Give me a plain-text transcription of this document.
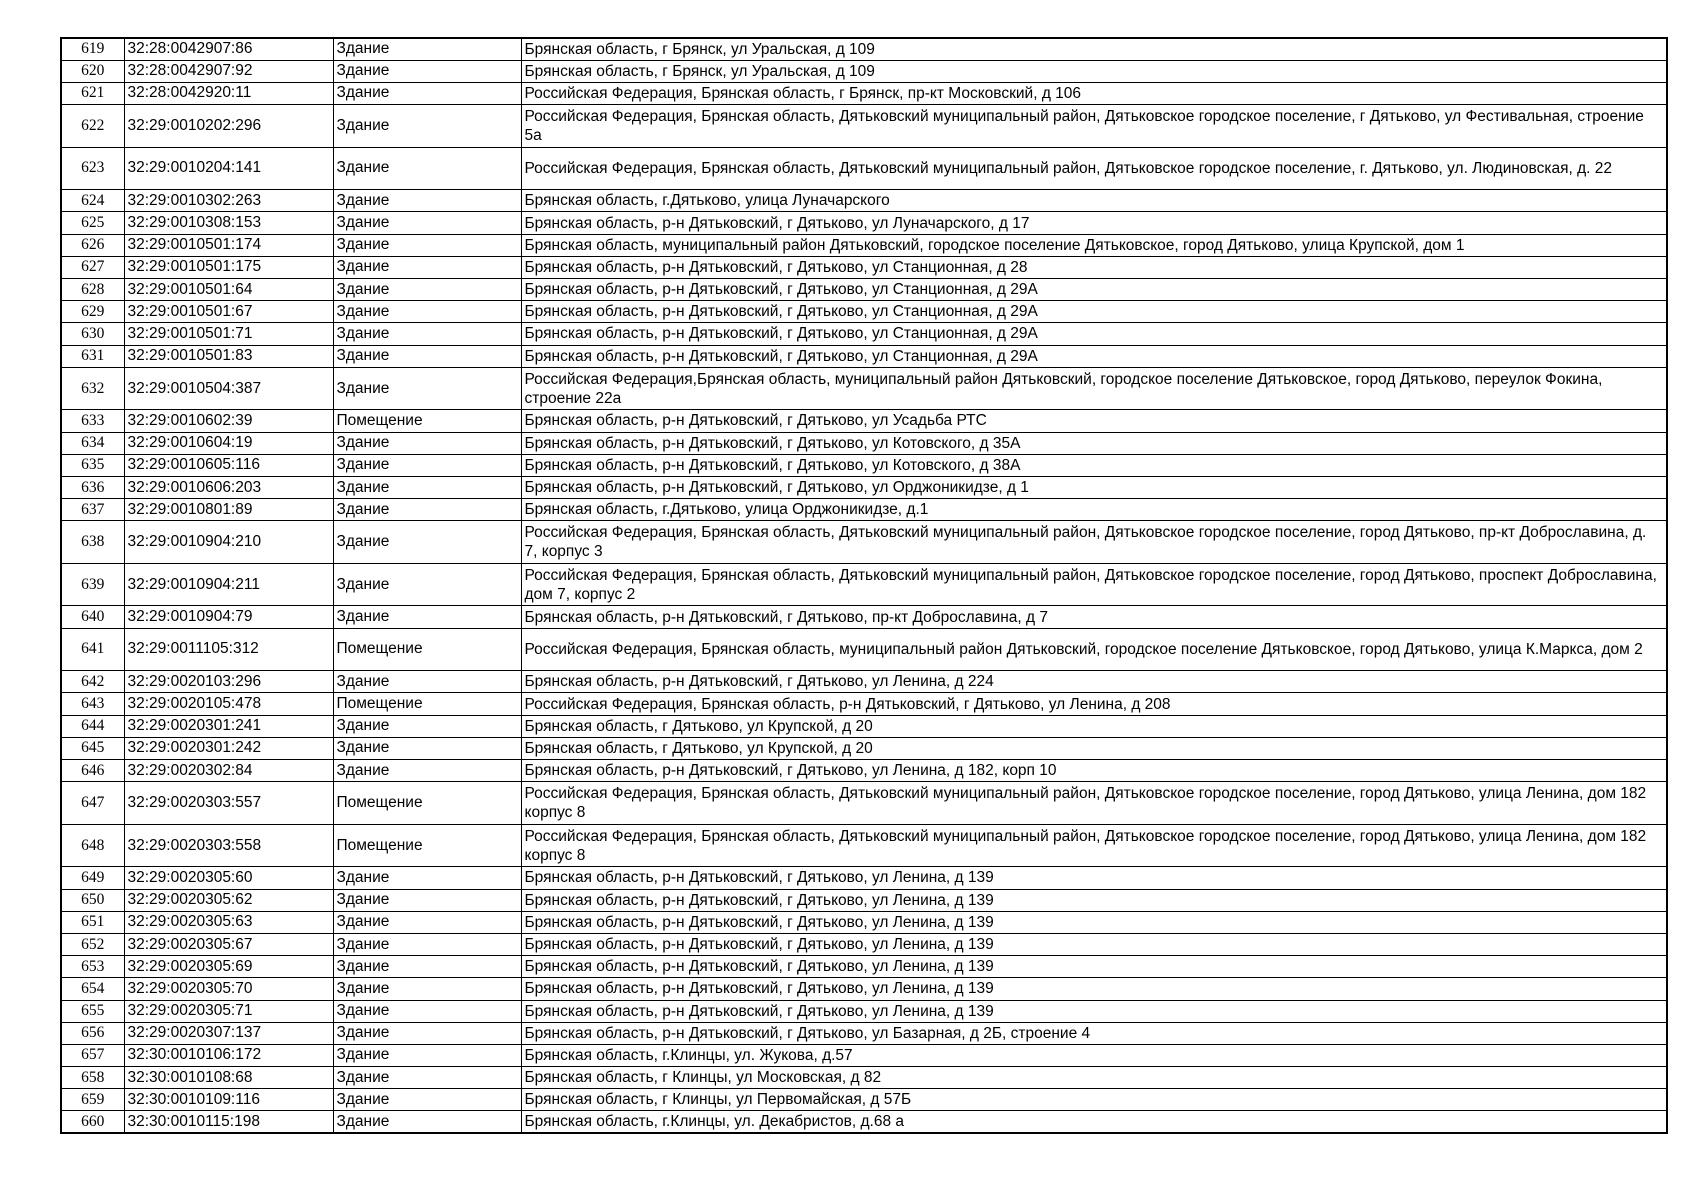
619	32:28:0042907:86	Здание	Брянская область, г Брянск, ул Уральская, д 109
620	32:28:0042907:92	Здание	Брянская область, г Брянск, ул Уральская, д 109
621	32:28:0042920:11	Здание	Российская Федерация, Брянская область, г Брянск, пр-кт Московский, д 106
622	32:29:0010202:296	Здание	Российская Федерация, Брянская область, Дятьковский муниципальный район, Дятьковское городское поселение, г Дятьково, ул Фестивальная, строение 5а
623	32:29:0010204:141	Здание	Российская Федерация, Брянская область, Дятьковский муниципальный район, Дятьковское городское поселение, г. Дятьково, ул. Людиновская, д. 22
624	32:29:0010302:263	Здание	Брянская область, г.Дятьково, улица Луначарского
625	32:29:0010308:153	Здание	Брянская область, р-н Дятьковский, г Дятьково, ул Луначарского, д 17
626	32:29:0010501:174	Здание	Брянская область, муниципальный район Дятьковский, городское поселение Дятьковское, город Дятьково, улица Крупской, дом 1
627	32:29:0010501:175	Здание	Брянская область, р-н Дятьковский, г Дятьково, ул Станционная, д 28
628	32:29:0010501:64	Здание	Брянская область, р-н Дятьковский, г Дятьково, ул Станционная, д 29А
629	32:29:0010501:67	Здание	Брянская область, р-н Дятьковский, г Дятьково, ул Станционная, д 29А
630	32:29:0010501:71	Здание	Брянская область, р-н Дятьковский, г Дятьково, ул Станционная, д 29А
631	32:29:0010501:83	Здание	Брянская область, р-н Дятьковский, г Дятьково, ул Станционная, д 29А
632	32:29:0010504:387	Здание	Российская Федерация,Брянская область, муниципальный район Дятьковский, городское поселение Дятьковское, город Дятьково, переулок Фокина, строение 22а
633	32:29:0010602:39	Помещение	Брянская область, р-н Дятьковский, г Дятьково, ул Усадьба РТС
634	32:29:0010604:19	Здание	Брянская область, р-н Дятьковский, г Дятьково, ул Котовского, д 35А
635	32:29:0010605:116	Здание	Брянская область, р-н Дятьковский, г Дятьково, ул Котовского, д 38А
636	32:29:0010606:203	Здание	Брянская область, р-н Дятьковский, г Дятьково, ул Орджоникидзе, д 1
637	32:29:0010801:89	Здание	Брянская область, г.Дятьково, улица Орджоникидзе, д.1
638	32:29:0010904:210	Здание	Российская Федерация, Брянская область, Дятьковский муниципальный район, Дятьковское городское поселение, город Дятьково, пр-кт Доброславина, д. 7, корпус 3
639	32:29:0010904:211	Здание	Российская Федерация, Брянская область, Дятьковский муниципальный район, Дятьковское городское поселение, город Дятьково, проспект Доброславина, дом 7, корпус 2
640	32:29:0010904:79	Здание	Брянская область, р-н Дятьковский, г Дятьково, пр-кт Доброславина, д 7
641	32:29:0011105:312	Помещение	Российская Федерация, Брянская область, муниципальный район Дятьковский, городское поселение Дятьковское, город Дятьково, улица К.Маркса, дом 2
642	32:29:0020103:296	Здание	Брянская область, р-н Дятьковский, г Дятьково, ул Ленина, д 224
643	32:29:0020105:478	Помещение	Российская Федерация, Брянская область, р-н Дятьковский, г Дятьково, ул Ленина, д 208
644	32:29:0020301:241	Здание	Брянская область, г Дятьково, ул Крупской, д 20
645	32:29:0020301:242	Здание	Брянская область, г Дятьково, ул Крупской, д 20
646	32:29:0020302:84	Здание	Брянская область, р-н Дятьковский, г Дятьково, ул Ленина, д 182, корп 10
647	32:29:0020303:557	Помещение	Российская Федерация, Брянская область, Дятьковский муниципальный район, Дятьковское городское поселение, город Дятьково, улица Ленина, дом 182 корпус 8
648	32:29:0020303:558	Помещение	Российская Федерация, Брянская область, Дятьковский муниципальный район, Дятьковское городское поселение, город Дятьково, улица Ленина, дом 182 корпус 8
649	32:29:0020305:60	Здание	Брянская область, р-н Дятьковский, г Дятьково, ул Ленина, д 139
650	32:29:0020305:62	Здание	Брянская область, р-н Дятьковский, г Дятьково, ул Ленина, д 139
651	32:29:0020305:63	Здание	Брянская область, р-н Дятьковский, г Дятьково, ул Ленина, д 139
652	32:29:0020305:67	Здание	Брянская область, р-н Дятьковский, г Дятьково, ул Ленина, д 139
653	32:29:0020305:69	Здание	Брянская область, р-н Дятьковский, г Дятьково, ул Ленина, д 139
654	32:29:0020305:70	Здание	Брянская область, р-н Дятьковский, г Дятьково, ул Ленина, д 139
655	32:29:0020305:71	Здание	Брянская область, р-н Дятьковский, г Дятьково, ул Ленина, д 139
656	32:29:0020307:137	Здание	Брянская область, р-н Дятьковский, г Дятьково, ул Базарная, д 2Б, строение 4
657	32:30:0010106:172	Здание	Брянская область, г.Клинцы, ул. Жукова, д.57
658	32:30:0010108:68	Здание	Брянская область, г Клинцы, ул Московская, д 82
659	32:30:0010109:116	Здание	Брянская область, г Клинцы, ул Первомайская, д 57Б
660	32:30:0010115:198	Здание	Брянская область, г.Клинцы, ул. Декабристов, д.68 а
